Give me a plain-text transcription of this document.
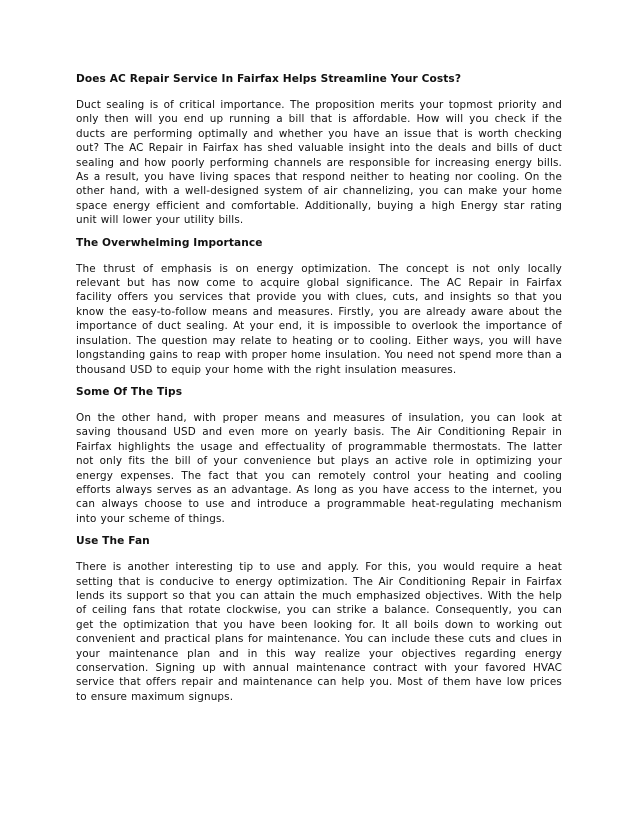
Does AC Repair Service In Fairfax Helps Streamline Your Costs?

Duct sealing is of critical importance. The proposition merits your topmost priority and only then will you end up running a bill that is affordable. How will you check if the ducts are performing optimally and whether you have an issue that is worth checking out? The AC Repair in Fairfax has shed valuable insight into the deals and bills of duct sealing and how poorly performing channels are responsible for increasing energy bills. As a result, you have living spaces that respond neither to heating nor cooling. On the other hand, with a well-designed system of air channelizing, you can make your home space energy efficient and comfortable. Additionally, buying a high Energy star rating unit will lower your utility bills.

The Overwhelming Importance

The thrust of emphasis is on energy optimization. The concept is not only locally relevant but has now come to acquire global significance. The AC Repair in Fairfax facility offers you services that provide you with clues, cuts, and insights so that you know the easy-to-follow means and measures. Firstly, you are already aware about the importance of duct sealing. At your end, it is impossible to overlook the importance of insulation. The question may relate to heating or to cooling. Either ways, you will have longstanding gains to reap with proper home insulation. You need not spend more than a thousand USD to equip your home with the right insulation measures.

Some Of The Tips

On the other hand, with proper means and measures of insulation, you can look at saving thousand USD and even more on yearly basis. The Air Conditioning Repair in Fairfax highlights the usage and effectuality of programmable thermostats. The latter not only fits the bill of your convenience but plays an active role in optimizing your energy expenses. The fact that you can remotely control your heating and cooling efforts always serves as an advantage. As long as you have access to the internet, you can always choose to use and introduce a programmable heat-regulating mechanism into your scheme of things.

Use The Fan

There is another interesting tip to use and apply. For this, you would require a heat setting that is conducive to energy optimization. The Air Conditioning Repair in Fairfax lends its support so that you can attain the much emphasized objectives. With the help of ceiling fans that rotate clockwise, you can strike a balance. Consequently, you can get the optimization that you have been looking for. It all boils down to working out convenient and practical plans for maintenance. You can include these cuts and clues in your maintenance plan and in this way realize your objectives regarding energy conservation. Signing up with annual maintenance contract with your favored HVAC service that offers repair and maintenance can help you. Most of them have low prices to ensure maximum signups.
